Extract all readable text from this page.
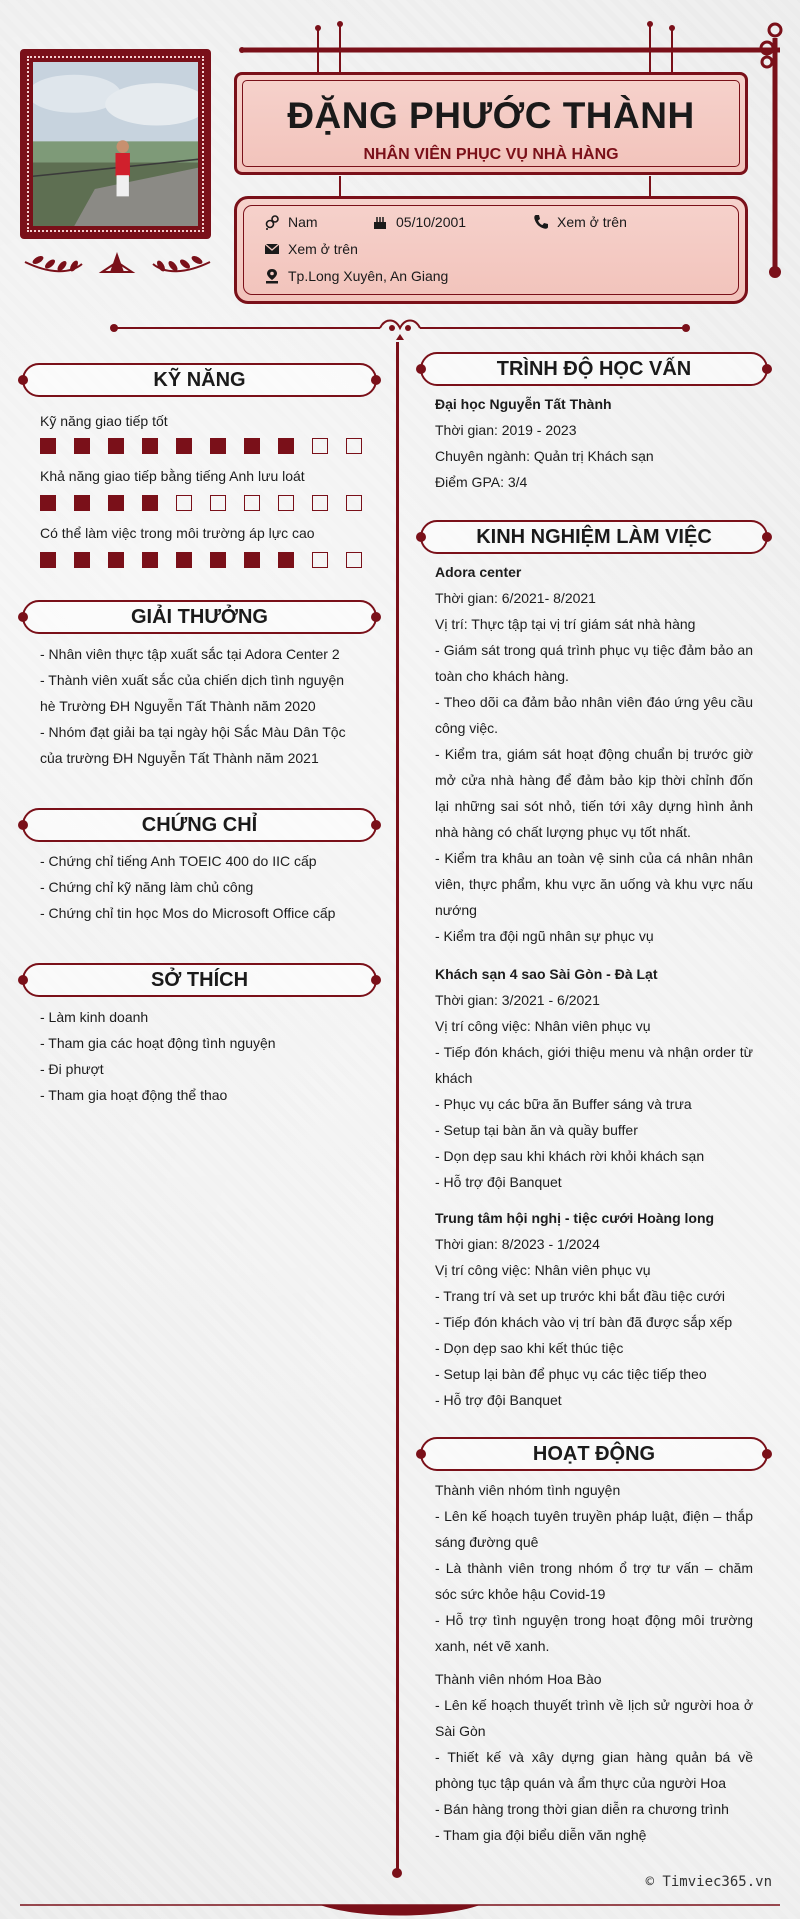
ĐẶNG PHƯỚC THÀNH
NHÂN VIÊN PHỤC VỤ NHÀ HÀNG
Nam	05/10/2001	Xem ở trên
Xem ở trên
Tp.Long Xuyên, An Giang
KỸ NĂNG
Kỹ năng giao tiếp tốt
Khả năng giao tiếp bằng tiếng Anh lưu loát
Có thể làm việc trong môi trường áp lực cao
GIẢI THƯỞNG

- Nhân viên thực tập xuất sắc tại Adora Center 2

- Thành viên xuất sắc của chiến dịch tình nguyện hè Trường ĐH Nguyễn Tất Thành năm 2020

- Nhóm đạt giải ba tại ngày hội Sắc Màu Dân Tộc của trường ĐH Nguyễn Tất Thành năm 2021

CHỨNG CHỈ

- Chứng chỉ tiếng Anh TOEIC 400 do IIC cấp

- Chứng chỉ kỹ năng làm chủ công

- Chứng chỉ tin học Mos do Microsoft Office cấp

SỞ THÍCH

- Làm kinh doanh

- Tham gia các hoạt động tình nguyện

- Đi phượt

- Tham gia hoạt động thể thao

TRÌNH ĐỘ HỌC VẤN

Đại học Nguyễn Tất Thành

Thời gian: 2019 - 2023

Chuyên ngành: Quản trị Khách sạn

Điểm GPA: 3/4

KINH NGHIỆM LÀM VIỆC

Adora center

Thời gian: 6/2021- 8/2021

Vị trí: Thực tập tại vị trí giám sát nhà hàng

- Giám sát trong quá trình phục vụ tiệc đảm bảo an toàn cho khách hàng.

- Theo dõi ca đảm bảo nhân viên đáo ứng yêu cầu công việc.

- Kiểm tra, giám sát hoạt động chuẩn bị trước giờ mở cửa nhà hàng để đảm bảo kịp thời chỉnh đốn lại những sai sót nhỏ, tiến tới xây dựng hình ảnh nhà hàng có chất lượng phục vụ tốt nhất.

- Kiểm tra khâu an toàn vệ sinh của cá nhân nhân viên, thực phẩm, khu vực ăn uống và khu vực nấu nướng

- Kiểm tra đội ngũ nhân sự phục vụ

Khách sạn 4 sao Sài Gòn - Đà Lạt

Thời gian: 3/2021 - 6/2021

Vị trí công việc: Nhân viên phục vụ

- Tiếp đón khách, giới thiệu menu và nhận order từ khách

- Phục vụ các bữa ăn Buffer sáng và trưa

- Setup tại bàn ăn và quầy buffer

- Dọn dẹp sau khi khách rời khỏi khách sạn

- Hỗ trợ đội Banquet

Trung tâm hội nghị - tiệc cưới Hoàng long

Thời gian: 8/2023 - 1/2024

Vị trí công việc: Nhân viên phục vụ

- Trang trí và set up trước khi bắt đầu tiệc cưới

- Tiếp đón khách vào vị trí bàn đã được sắp xếp

- Dọn dẹp sao khi kết thúc tiệc

- Setup lại bàn để phục vụ các tiệc tiếp theo

- Hỗ trợ đội Banquet

HOẠT ĐỘNG

Thành viên nhóm tình nguyện

- Lên kế hoạch tuyên truyền pháp luật, điện – thắp sáng đường quê

- Là thành viên trong nhóm ổ trợ tư vấn – chăm sóc sức khỏe hậu Covid-19

- Hỗ trợ tình nguyện trong hoạt động môi trường xanh, nét vẽ xanh.

Thành viên nhóm Hoa Bào

- Lên kế hoạch thuyết trình về lịch sử người hoa ở Sài Gòn

- Thiết kế và xây dựng gian hàng quản bá về phòng tục tập quán và ẩm thực của người Hoa

- Bán hàng trong thời gian diễn ra chương trình

- Tham gia đội biểu diễn văn nghệ

© Timviec365.vn
